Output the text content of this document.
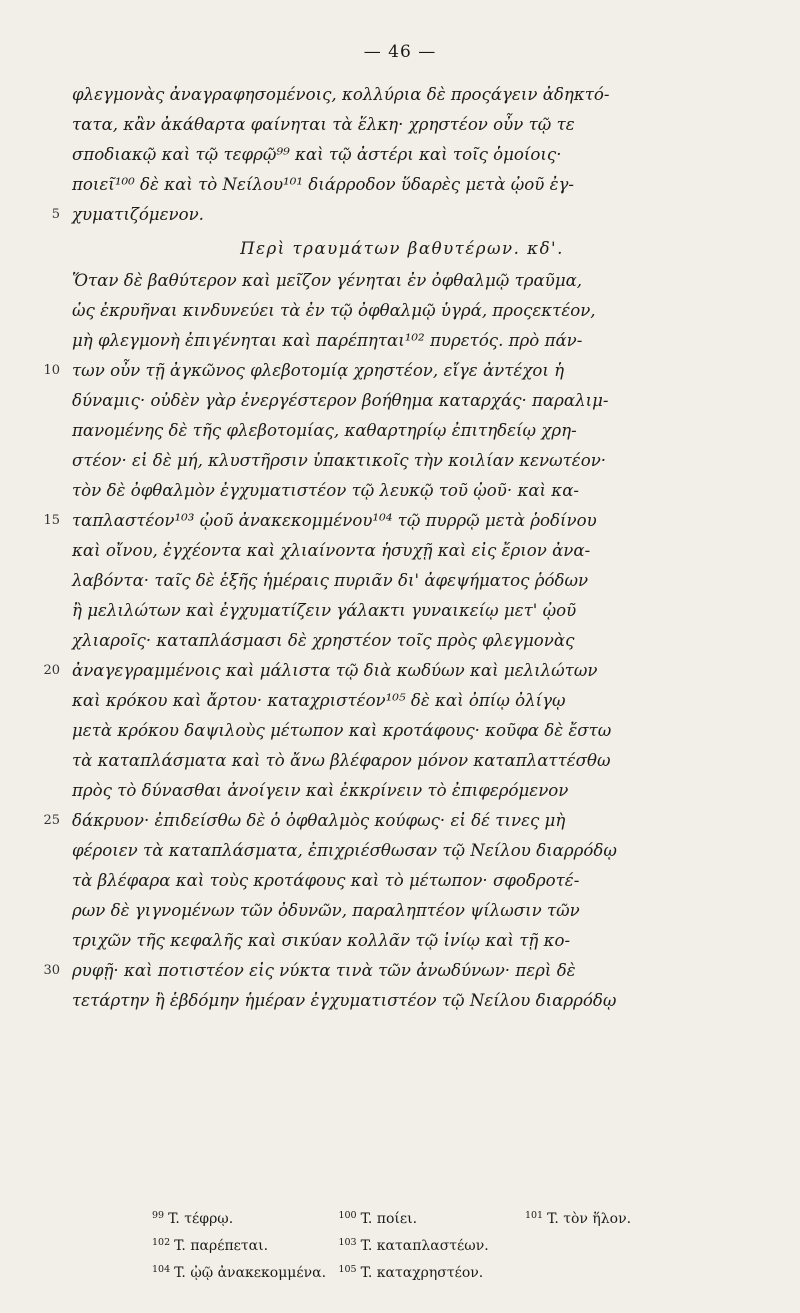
— 46 —
φλεγμονὰς ἀναγραφησομένοις, κολλύρια δὲ προςάγειν ἀδηκτό-
τατα, κἂν ἀκάθαρτα φαίνηται τὰ ἕλκη· χρηστέον οὖν τῷ τε
σποδιακῷ καὶ τῷ τεφρῷ⁹⁹ καὶ τῷ ἀστέρι καὶ τοῖς ὁμοίοις·
ποιεῖ¹⁰⁰ δὲ καὶ τὸ Νείλου¹⁰¹ διάρροδον ὕδαρὲς μετὰ ᾠοῦ ἐγ-
5 χυματιζόμενον.
Περὶ τραυμάτων βαθυτέρων. κδ'.
Ὅταν δὲ βαθύτερον καὶ μεῖζον γένηται ἐν ὀφθαλμῷ τραῦμα,
ὡς ἐκρυῆναι κινδυνεύει τὰ ἐν τῷ ὀφθαλμῷ ὑγρά, προςεκτέον,
μὴ φλεγμονὴ ἐπιγένηται καὶ παρέπηται¹⁰² πυρετός. πρὸ πάν-
10 των οὖν τῇ ἀγκῶνος φλεβοτομίᾳ χρηστέον, εἴγε ἀντέχοι ἡ
δύναμις· οὐδὲν γὰρ ἐνεργέστερον βοήθημα καταρχάς· παραλιμ-
πανομένης δὲ τῆς φλεβοτομίας, καθαρτηρίῳ ἐπιτηδείῳ χρη-
στέον· εἰ δὲ μή, κλυστῆρσιν ὑπακτικοῖς τὴν κοιλίαν κενωτέον·
τὸν δὲ ὀφθαλμὸν ἐγχυματιστέον τῷ λευκῷ τοῦ ᾠοῦ· καὶ κα-
15 ταπλαστέον¹⁰³ ᾠοῦ ἀνακεκομμένου¹⁰⁴ τῷ πυρρῷ μετὰ ῥοδίνου
καὶ οἴνου, ἐγχέοντα καὶ χλιαίνοντα ἡσυχῇ καὶ εἰς ἔριον ἀνα-
λαβόντα· ταῖς δὲ ἑξῆς ἡμέραις πυριᾶν δι' ἀφεψήματος ῥόδων
ἢ μελιλώτων καὶ ἐγχυματίζειν γάλακτι γυναικείῳ μετ' ᾠοῦ
χλιαροῖς· καταπλάσμασι δὲ χρηστέον τοῖς πρὸς φλεγμονὰς
20 ἀναγεγραμμένοις καὶ μάλιστα τῷ διὰ κωδύων καὶ μελιλώτων
καὶ κρόκου καὶ ἄρτου· καταχριστέον¹⁰⁵ δὲ καὶ ὀπίῳ ὀλίγῳ
μετὰ κρόκου δαψιλοὺς μέτωπον καὶ κροτάφους· κοῦφα δὲ ἔστω
τὰ καταπλάσματα καὶ τὸ ἄνω βλέφαρον μόνον καταπλαττέσθω
πρὸς τὸ δύνασθαι ἀνοίγειν καὶ ἐκκρίνειν τὸ ἐπιφερόμενον
25 δάκρυον· ἐπιδείσθω δὲ ὁ ὀφθαλμὸς κούφως· εἰ δέ τινες μὴ
φέροιεν τὰ καταπλάσματα, ἐπιχριέσθωσαν τῷ Νείλου διαρρόδῳ
τὰ βλέφαρα καὶ τοὺς κροτάφους καὶ τὸ μέτωπον· σφοδροτέ-
ρων δὲ γιγνομένων τῶν ὀδυνῶν, παραληπτέον ψίλωσιν τῶν
τριχῶν τῆς κεφαλῆς καὶ σικύαν κολλᾶν τῷ ἰνίῳ καὶ τῇ κο-
30 ρυφῇ· καὶ ποτιστέον εἰς νύκτα τινὰ τῶν ἀνωδύνων· περὶ δὲ
τετάρτην ἢ ἑβδόμην ἡμέραν ἐγχυματιστέον τῷ Νείλου διαρρόδῳ
$^{99}$ T. τέφρῳ.	$^{100}$ T. ποίει.	$^{101}$ T. τὸν ἥλον.
$^{102}$ T. παρέπεται.	$^{103}$ T. καταπλαστέων.
$^{104}$ T. ᾠῷ ἀνακεκομμένα.	$^{105}$ T. καταχρηστέον.
